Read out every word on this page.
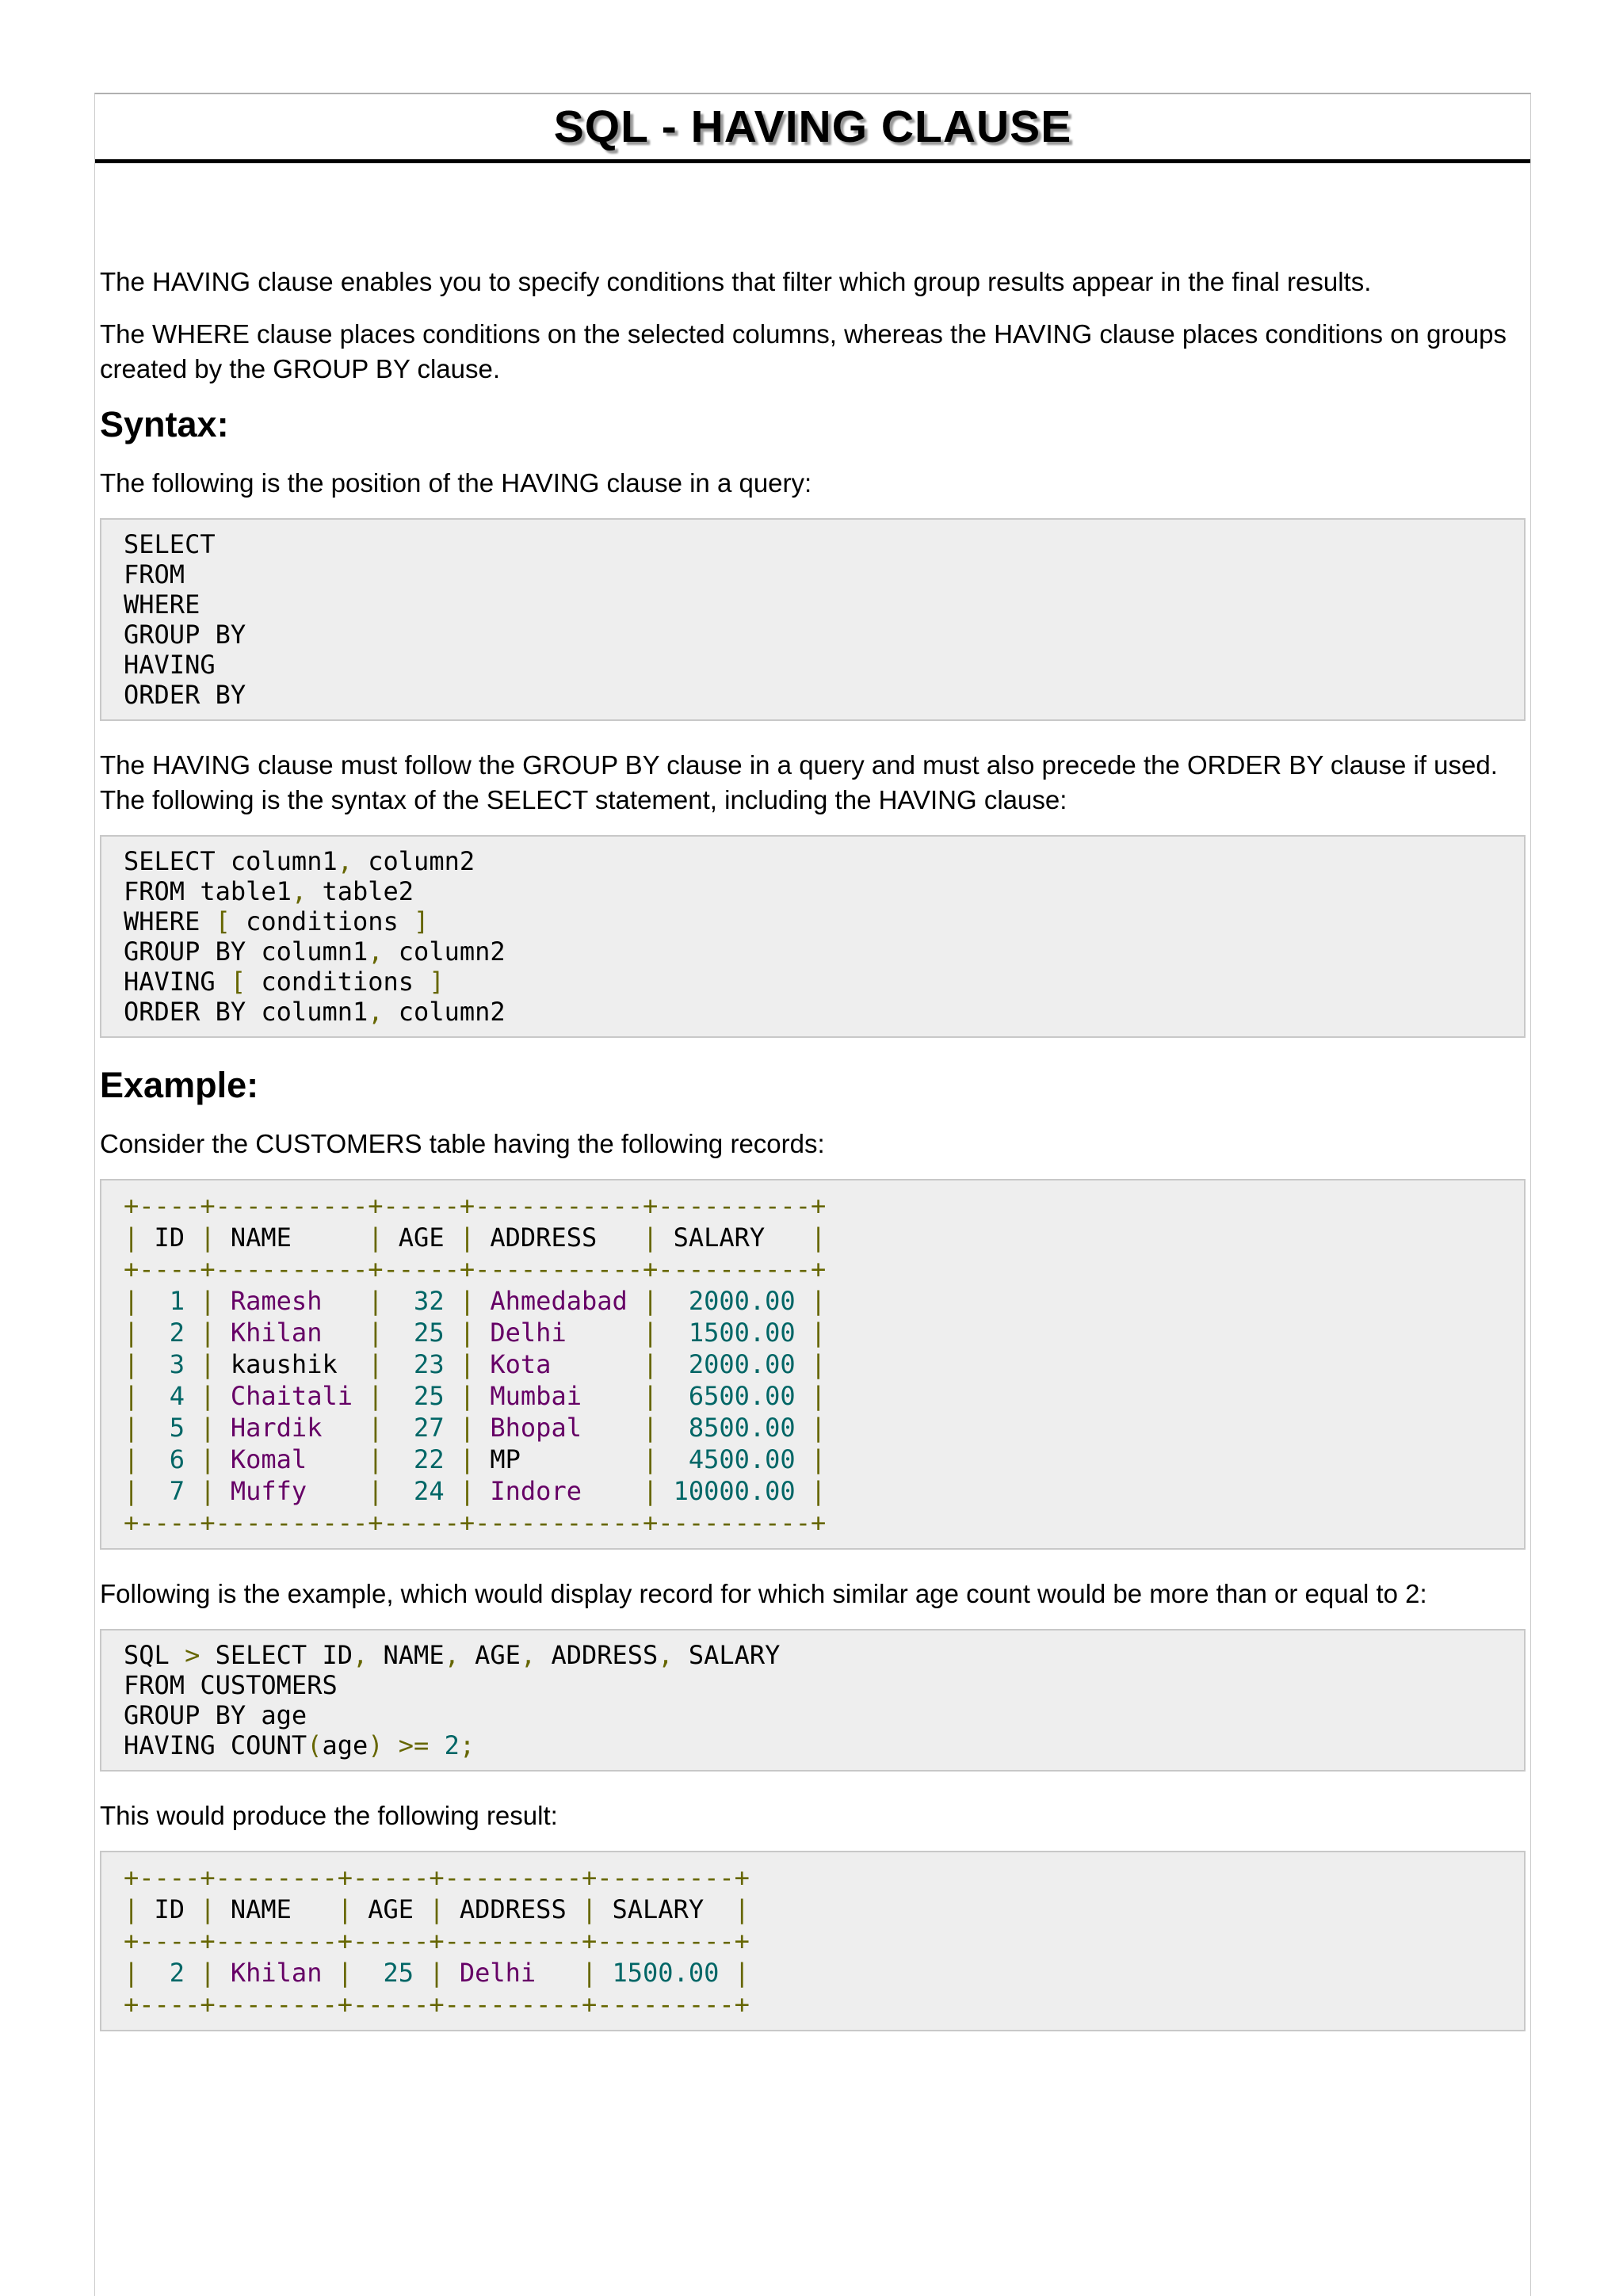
SQL - HAVING CLAUSE

The HAVING clause enables you to specify conditions that filter which group results appear in the final results.

The WHERE clause places conditions on the selected columns, whereas the HAVING clause places conditions on groups created by the GROUP BY clause.

Syntax:

The following is the position of the HAVING clause in a query:

SELECT
FROM
WHERE
GROUP BY
HAVING
ORDER BY

The HAVING clause must follow the GROUP BY clause in a query and must also precede the ORDER BY clause if used. The following is the syntax of the SELECT statement, including the HAVING clause:

SELECT column1, column2
FROM table1, table2
WHERE [ conditions ]
GROUP BY column1, column2
HAVING [ conditions ]
ORDER BY column1, column2
Example:

Consider the CUSTOMERS table having the following records:

+----+----------+-----+-----------+----------+
| ID | NAME     | AGE | ADDRESS   | SALARY   |
+----+----------+-----+-----------+----------+
|  1 | Ramesh   |  32 | Ahmedabad |  2000.00 |
|  2 | Khilan   |  25 | Delhi     |  1500.00 |
|  3 | kaushik  |  23 | Kota      |  2000.00 |
|  4 | Chaitali |  25 | Mumbai    |  6500.00 |
|  5 | Hardik   |  27 | Bhopal    |  8500.00 |
|  6 | Komal    |  22 | MP        |  4500.00 |
|  7 | Muffy    |  24 | Indore    | 10000.00 |
+----+----------+-----+-----------+----------+

Following is the example, which would display record for which similar age count would be more than or equal to 2:

SQL > SELECT ID, NAME, AGE, ADDRESS, SALARY
FROM CUSTOMERS
GROUP BY age
HAVING COUNT(age) >= 2;

This would produce the following result:

+----+--------+-----+---------+---------+
| ID | NAME   | AGE | ADDRESS | SALARY  |
+----+--------+-----+---------+---------+
|  2 | Khilan |  25 | Delhi   | 1500.00 |
+----+--------+-----+---------+---------+
